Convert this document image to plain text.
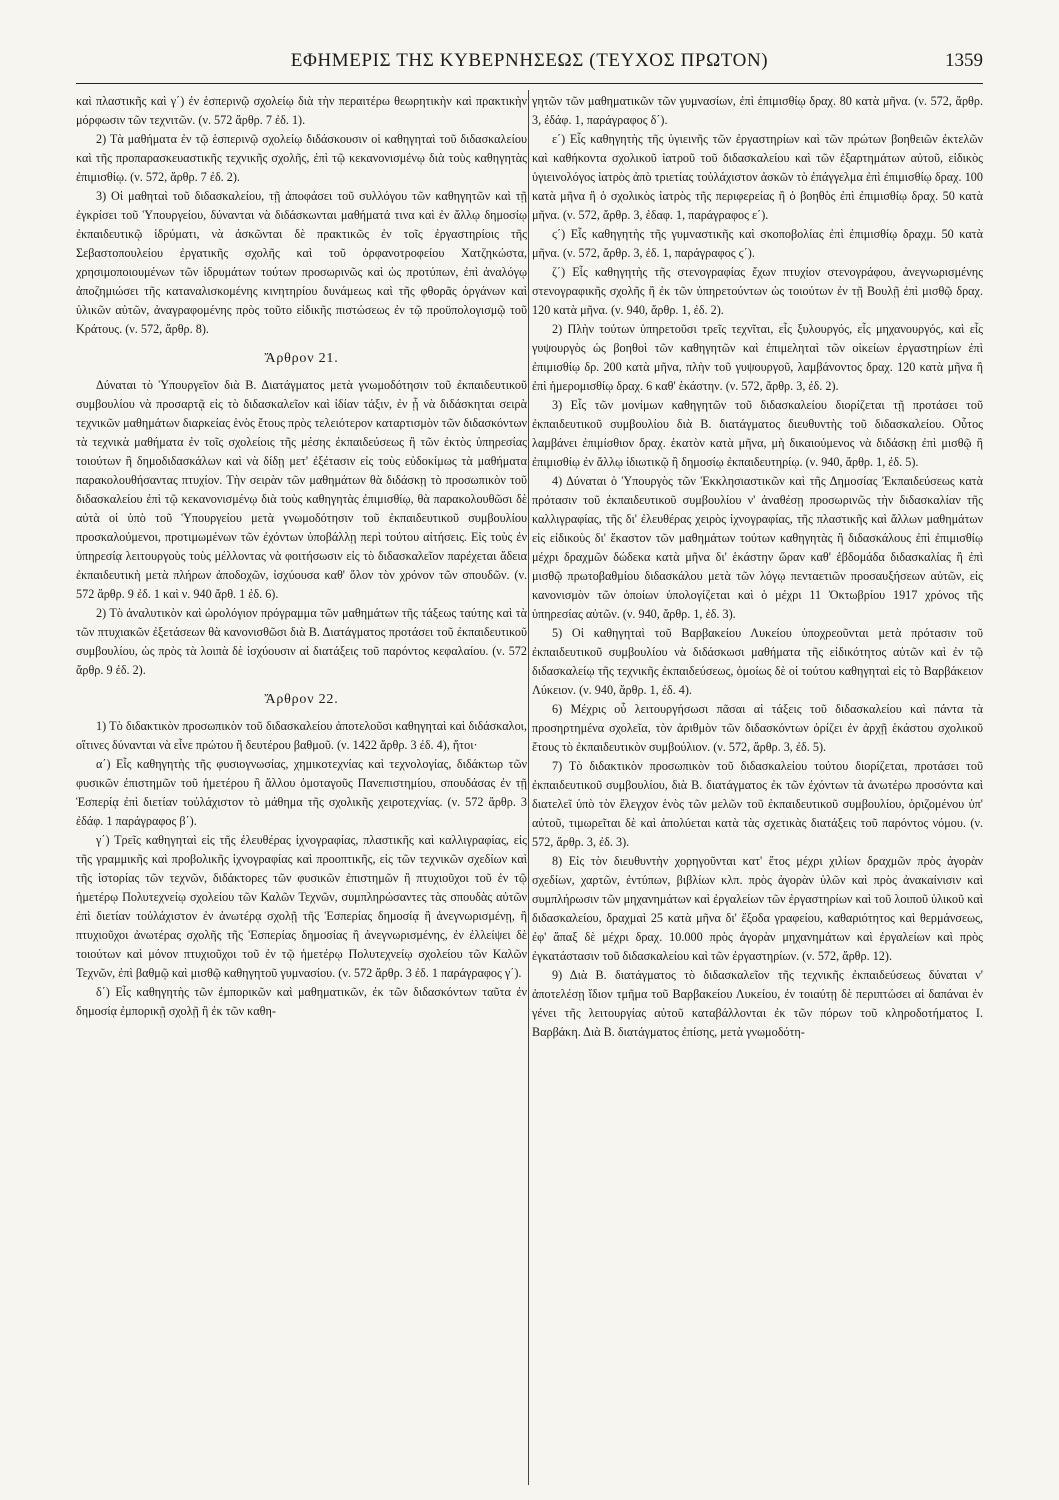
ΕΦΗΜΕΡΙΣ ΤΗΣ ΚΥΒΕΡΝΗΣΕΩΣ (ΤΕΥΧΟΣ ΠΡΩΤΟΝ)	1359

καὶ πλαστικῆς καὶ γ΄) ἐν ἑσπερινῷ σχολείῳ διὰ τὴν περαιτέρω θεωρητικὴν καὶ πρακτικὴν μόρφωσιν τῶν τεχνιτῶν. (ν. 572 ἄρθρ. 7 ἐδ. 1).

2) Τὰ μαθήματα ἐν τῷ ἑσπερινῷ σχολείῳ διδάσκουσιν οἱ καθηγηταὶ τοῦ διδασκαλείου καὶ τῆς προπαρασκευαστικῆς τεχνικῆς σχολῆς, ἐπὶ τῷ κεκανονισμένῳ διὰ τοὺς καθηγητὰς ἐπιμισθίῳ. (ν. 572, ἄρθρ. 7 ἐδ. 2).

3) Οἱ μαθηταὶ τοῦ διδασκαλείου, τῇ ἀποφάσει τοῦ συλλόγου τῶν καθηγητῶν καὶ τῇ ἐγκρίσει τοῦ Ὑπουργείου, δύνανται νὰ διδάσκωνται μαθήματά τινα καὶ ἐν ἄλλῳ δημοσίῳ ἐκπαιδευτικῷ ἱδρύματι, νὰ ἀσκῶνται δὲ πρακτικῶς ἐν τοῖς ἐργαστηρίοις τῆς Σεβαστοπουλείου ἐργατικῆς σχολῆς καὶ τοῦ ὀρφανοτροφείου Χατζηκώστα, χρησιμοποιουμένων τῶν ἱδρυμάτων τούτων προσωρινῶς καὶ ὡς προτύπων, ἐπὶ ἀναλόγῳ ἀποζημιώσει τῆς καταναλισκομένης κινητηρίου δυνάμεως καὶ τῆς φθορᾶς ὀργάνων καὶ ὑλικῶν αὐτῶν, ἀναγραφομένης πρὸς τοῦτο εἰδικῆς πιστώσεως ἐν τῷ προϋπολογισμῷ τοῦ Κράτους. (ν. 572, ἄρθρ. 8).

Ἄρθρον 21.

Δύναται τὸ Ὑπουργεῖον διὰ Β. Διατάγματος μετὰ γνωμοδότησιν τοῦ ἐκπαιδευτικοῦ συμβουλίου νὰ προσαρτᾷ εἰς τὸ διδασκαλεῖον καὶ ἰδίαν τάξιν, ἐν ᾗ νὰ διδάσκηται σειρὰ τεχνικῶν μαθημάτων διαρκείας ἑνὸς ἔτους πρὸς τελειότερον καταρτισμὸν τῶν διδασκόντων τὰ τεχνικὰ μαθήματα ἐν τοῖς σχολείοις τῆς μέσης ἐκπαιδεύσεως ἢ τῶν ἐκτὸς ὑπηρεσίας τοιούτων ἢ δημοδιδασκάλων καὶ νὰ δίδῃ μετ' ἐξέτασιν εἰς τοὺς εὐδοκίμως τὰ μαθήματα παρακολουθήσαντας πτυχίον. Τὴν σειρὰν τῶν μαθημάτων θὰ διδάσκῃ τὸ προσωπικὸν τοῦ διδασκαλείου ἐπὶ τῷ κεκανονισμένῳ διὰ τοὺς καθηγητὰς ἐπιμισθίῳ, θὰ παρακολουθῶσι δὲ αὐτὰ οἱ ὑπὸ τοῦ Ὑπουργείου μετὰ γνωμοδότησιν τοῦ ἐκπαιδευτικοῦ συμβουλίου προσκαλούμενοι, προτιμωμένων τῶν ἐχόντων ὑποβάλλῃ περὶ τούτου αἰτήσεις. Εἰς τοὺς ἐν ὑπηρεσίᾳ λειτουργοὺς τοὺς μέλλοντας νὰ φοιτήσωσιν εἰς τὸ διδασκαλεῖον παρέχεται ἄδεια ἐκπαιδευτικὴ μετὰ πλήρων ἀποδοχῶν, ἰσχύουσα καθ' ὅλον τὸν χρόνον τῶν σπουδῶν. (ν. 572 ἄρθρ. 9 ἐδ. 1 καὶ ν. 940 ἄρθ. 1 ἐδ. 6).

2) Τὸ ἀναλυτικὸν καὶ ὡρολόγιον πρόγραμμα τῶν μαθημάτων τῆς τάξεως ταύτης καὶ τὰ τῶν πτυχιακῶν ἐξετάσεων θὰ κανονισθῶσι διὰ Β. Διατάγματος προτάσει τοῦ ἐκπαιδευτικοῦ συμβουλίου, ὡς πρὸς τὰ λοιπὰ δὲ ἰσχύουσιν αἱ διατάξεις τοῦ παρόντος κεφαλαίου. (ν. 572 ἄρθρ. 9 ἐδ. 2).

Ἄρθρον 22.

1) Τὸ διδακτικὸν προσωπικὸν τοῦ διδασκαλείου ἀποτελοῦσι καθηγηταὶ καὶ διδάσκαλοι, οἵτινες δύνανται νὰ εἶνε πρώτου ἢ δευτέρου βαθμοῦ. (ν. 1422 ἄρθρ. 3 ἐδ. 4), ἤτοι·

α΄) Εἷς καθηγητὴς τῆς φυσιογνωσίας, χημικοτεχνίας καὶ τεχνολογίας, διδάκτωρ τῶν φυσικῶν ἐπιστημῶν τοῦ ἡμετέρου ἢ ἄλλου ὁμοταγοῦς Πανεπιστημίου, σπουδάσας ἐν τῇ Ἑσπερίᾳ ἐπὶ διετίαν τοὐλάχιστον τὸ μάθημα τῆς σχολικῆς χειροτεχνίας. (ν. 572 ἄρθρ. 3 ἐδάφ. 1 παράγραφος β΄).

γ΄) Τρεῖς καθηγηταὶ εἰς τῆς ἐλευθέρας ἰχνογραφίας, πλαστικῆς καὶ καλλιγραφίας, εἰς τῆς γραμμικῆς καὶ προβολικῆς ἰχνογραφίας καὶ προοπτικῆς, εἰς τῶν τεχνικῶν σχεδίων καὶ τῆς ἱστορίας τῶν τεχνῶν, διδάκτορες τῶν φυσικῶν ἐπιστημῶν ἢ πτυχιοῦχοι τοῦ ἐν τῷ ἡμετέρῳ Πολυτεχνείῳ σχολείου τῶν Καλῶν Τεχνῶν, συμπληρώσαντες τὰς σπουδὰς αὐτῶν ἐπὶ διετίαν τοὐλάχιστον ἐν ἀνωτέρᾳ σχολῇ τῆς Ἑσπερίας δημοσίᾳ ἢ ἀνεγνωρισμένῃ, ἢ πτυχιοῦχοι ἀνωτέρας σχολῆς τῆς Ἑσπερίας δημοσίας ἢ ἀνεγνωρισμένης, ἐν ἐλλείψει δὲ τοιούτων καὶ μόνον πτυχιοῦχοι τοῦ ἐν τῷ ἡμετέρῳ Πολυτεχνείῳ σχολείου τῶν Καλῶν Τεχνῶν, ἐπὶ βαθμῷ καὶ μισθῷ καθηγητοῦ γυμνασίου. (ν. 572 ἄρθρ. 3 ἐδ. 1 παράγραφος γ΄).

δ΄) Εἷς καθηγητὴς τῶν ἐμπορικῶν καὶ μαθηματικῶν, ἐκ τῶν διδασκόντων ταῦτα ἐν δημοσίᾳ ἐμπορικῇ σχολῇ ἢ ἐκ τῶν καθη-

γητῶν τῶν μαθηματικῶν τῶν γυμνασίων, ἐπὶ ἐπιμισθίῳ δραχ. 80 κατὰ μῆνα. (ν. 572, ἄρθρ. 3, ἐδάφ. 1, παράγραφος δ΄).

ε΄) Εἷς καθηγητὴς τῆς ὑγιεινῆς τῶν ἐργαστηρίων καὶ τῶν πρώτων βοηθειῶν ἐκτελῶν καὶ καθήκοντα σχολικοῦ ἰατροῦ τοῦ διδασκαλείου καὶ τῶν ἐξαρτημάτων αὐτοῦ, εἰδικὸς ὑγιεινολόγος ἰατρὸς ἀπὸ τριετίας τοὐλάχιστον ἀσκῶν τὸ ἐπάγγελμα ἐπὶ ἐπιμισθίῳ δραχ. 100 κατὰ μῆνα ἢ ὁ σχολικὸς ἰατρὸς τῆς περιφερείας ἢ ὁ βοηθὸς ἐπὶ ἐπιμισθίῳ δραχ. 50 κατὰ μῆνα. (ν. 572, ἄρθρ. 3, ἐδαφ. 1, παράγραφος ε΄).

ϛ΄) Εἷς καθηγητὴς τῆς γυμναστικῆς καὶ σκοποβολίας ἐπὶ ἐπιμισθίῳ δραχμ. 50 κατὰ μῆνα. (ν. 572, ἄρθρ. 3, ἐδ. 1, παράγραφος ϛ΄).

ζ΄) Εἷς καθηγητὴς τῆς στενογραφίας ἔχων πτυχίον στενογράφου, ἀνεγνωρισμένης στενογραφικῆς σχολῆς ἢ ἐκ τῶν ὑπηρετούντων ὡς τοιούτων ἐν τῇ Βουλῇ ἐπὶ μισθῷ δραχ. 120 κατὰ μῆνα. (ν. 940, ἄρθρ. 1, ἐδ. 2).

2) Πλὴν τούτων ὑπηρετοῦσι τρεῖς τεχνῖται, εἷς ξυλουργός, εἷς μηχανουργός, καὶ εἷς γυψουργὸς ὡς βοηθοὶ τῶν καθηγητῶν καὶ ἐπιμεληταὶ τῶν οἰκείων ἐργαστηρίων ἐπὶ ἐπιμισθίῳ δρ. 200 κατὰ μῆνα, πλὴν τοῦ γυψουργοῦ, λαμβάνοντος δραχ. 120 κατὰ μῆνα ἢ ἐπὶ ἡμερομισθίῳ δραχ. 6 καθ' ἑκάστην. (ν. 572, ἄρθρ. 3, ἐδ. 2).

3) Εἷς τῶν μονίμων καθηγητῶν τοῦ διδασκαλείου διορίζεται τῇ προτάσει τοῦ ἐκπαιδευτικοῦ συμβουλίου διὰ Β. διατάγματος διευθυντὴς τοῦ διδασκαλείου. Οὗτος λαμβάνει ἐπιμίσθιον δραχ. ἑκατὸν κατὰ μῆνα, μὴ δικαιούμενος νὰ διδάσκῃ ἐπὶ μισθῷ ἢ ἐπιμισθίῳ ἐν ἄλλῳ ἰδιωτικῷ ἢ δημοσίῳ ἐκπαιδευτηρίῳ. (ν. 940, ἄρθρ. 1, ἐδ. 5).

4) Δύναται ὁ Ὑπουργὸς τῶν Ἐκκλησιαστικῶν καὶ τῆς Δημοσίας Ἐκπαιδεύσεως κατὰ πρότασιν τοῦ ἐκπαιδευτικοῦ συμβουλίου ν' ἀναθέσῃ προσωρινῶς τὴν διδασκαλίαν τῆς καλλιγραφίας, τῆς δι' ἐλευθέρας χειρὸς ἰχνογραφίας, τῆς πλαστικῆς καὶ ἄλλων μαθημάτων εἰς εἰδικοὺς δι' ἕκαστον τῶν μαθημάτων τούτων καθηγητὰς ἢ διδασκάλους ἐπὶ ἐπιμισθίῳ μέχρι δραχμῶν δώδεκα κατὰ μῆνα δι' ἑκάστην ὥραν καθ' ἑβδομάδα διδασκαλίας ἢ ἐπὶ μισθῷ πρωτοβαθμίου διδασκάλου μετὰ τῶν λόγῳ πενταετιῶν προσαυξήσεων αὐτῶν, εἰς κανονισμὸν τῶν ὁποίων ὑπολογίζεται καὶ ὁ μέχρι 11 Ὀκτωβρίου 1917 χρόνος τῆς ὑπηρεσίας αὐτῶν. (ν. 940, ἄρθρ. 1, ἐδ. 3).

5) Οἱ καθηγηταὶ τοῦ Βαρβακείου Λυκείου ὑποχρεοῦνται μετὰ πρότασιν τοῦ ἐκπαιδευτικοῦ συμβουλίου νὰ διδάσκωσι μαθήματα τῆς εἰδικότητος αὐτῶν καὶ ἐν τῷ διδασκαλείῳ τῆς τεχνικῆς ἐκπαιδεύσεως, ὁμοίως δὲ οἱ τούτου καθηγηταὶ εἰς τὸ Βαρβάκειον Λύκειον. (ν. 940, ἄρθρ. 1, ἐδ. 4).

6) Μέχρις οὗ λειτουργήσωσι πᾶσαι αἱ τάξεις τοῦ διδασκαλείου καὶ πάντα τὰ προσηρτημένα σχολεῖα, τὸν ἀριθμὸν τῶν διδασκόντων ὁρίζει ἐν ἀρχῇ ἑκάστου σχολικοῦ ἔτους τὸ ἐκπαιδευτικὸν συμβούλιον. (ν. 572, ἄρθρ. 3, ἐδ. 5).

7) Τὸ διδακτικὸν προσωπικὸν τοῦ διδασκαλείου τούτου διορίζεται, προτάσει τοῦ ἐκπαιδευτικοῦ συμβουλίου, διὰ Β. διατάγματος ἐκ τῶν ἐχόντων τὰ ἀνωτέρω προσόντα καὶ διατελεῖ ὑπὸ τὸν ἔλεγχον ἑνὸς τῶν μελῶν τοῦ ἐκπαιδευτικοῦ συμβουλίου, ὁριζομένου ὑπ' αὐτοῦ, τιμωρεῖται δὲ καὶ ἀπολύεται κατὰ τὰς σχετικὰς διατάξεις τοῦ παρόντος νόμου. (ν. 572, ἄρθρ. 3, ἐδ. 3).

8) Εἰς τὸν διευθυντὴν χορηγοῦνται κατ' ἔτος μέχρι χιλίων δραχμῶν πρὸς ἀγορὰν σχεδίων, χαρτῶν, ἐντύπων, βιβλίων κλπ. πρὸς ἀγορὰν ὑλῶν καὶ πρὸς ἀνακαίνισιν καὶ συμπλήρωσιν τῶν μηχανημάτων καὶ ἐργαλείων τῶν ἐργαστηρίων καὶ τοῦ λοιποῦ ὑλικοῦ καὶ διδασκαλείου, δραχμαὶ 25 κατὰ μῆνα δι' ἔξοδα γραφείου, καθαριότητος καὶ θερμάνσεως, ἐφ' ἅπαξ δὲ μέχρι δραχ. 10.000 πρὸς ἀγορὰν μηχανημάτων καὶ ἐργαλείων καὶ πρὸς ἐγκατάστασιν τοῦ διδασκαλείου καὶ τῶν ἐργαστηρίων. (ν. 572, ἄρθρ. 12).

9) Διὰ Β. διατάγματος τὸ διδασκαλεῖον τῆς τεχνικῆς ἐκπαιδεύσεως δύναται ν' ἀποτελέσῃ ἴδιον τμῆμα τοῦ Βαρβακείου Λυκείου, ἐν τοιαύτῃ δὲ περιπτώσει αἱ δαπάναι ἐν γένει τῆς λειτουργίας αὐτοῦ καταβάλλονται ἐκ τῶν πόρων τοῦ κληροδοτήματος Ι. Βαρβάκη. Διὰ Β. διατάγματος ἐπίσης, μετὰ γνωμοδότη-
